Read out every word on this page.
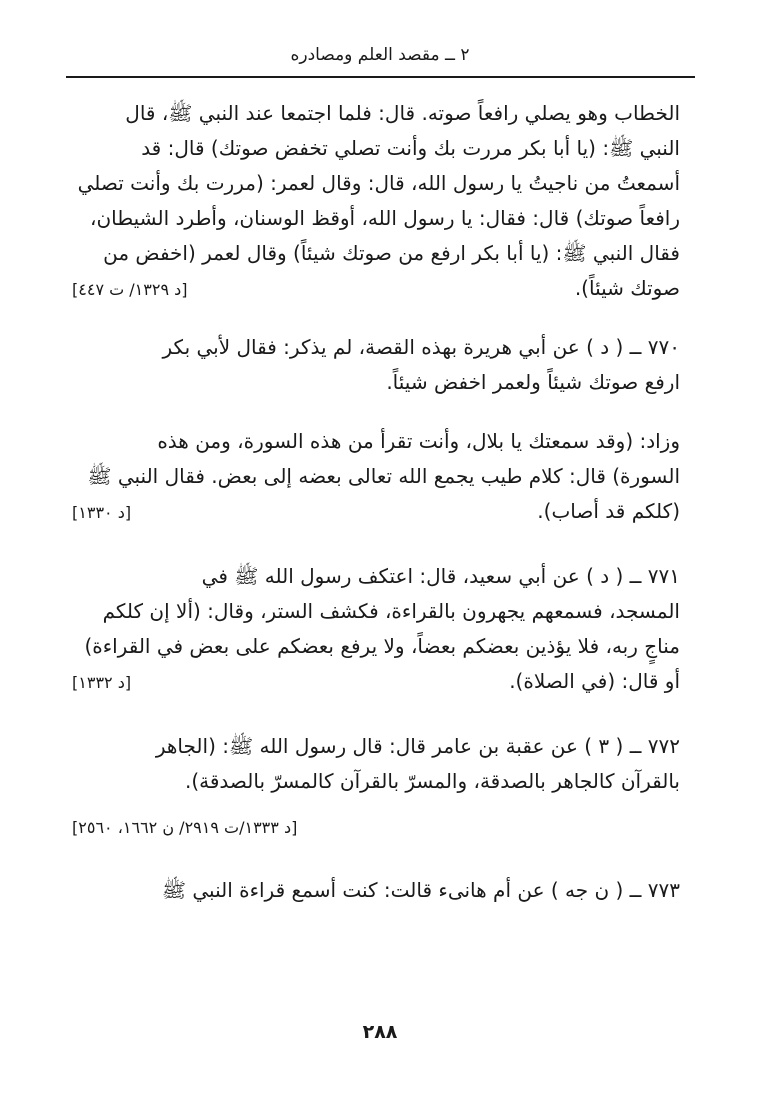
٢ ــ مقصد العلم ومصادره
الخطاب وهو يصلي رافعاً صوته. قال: فلما اجتمعا عند النبي ﷺ، قال
النبي ﷺ: (يا أبا بكر مررت بك وأنت تصلي تخفض صوتك) قال: قد
أسمعتُ من ناجيتُ يا رسول الله، قال: وقال لعمر: (مررت بك وأنت تصلي
رافعاً صوتك) قال: فقال: يا رسول الله، أوقظ الوسنان، وأطرد الشيطان،
فقال النبي ﷺ: (يا أبا بكر ارفع من صوتك شيئاً) وقال لعمر (اخفض من
صوتك شيئاً).
[د ١٣٢٩/ ت ٤٤٧]
٧٧٠ ــ ( د ) عن أبي هريرة بهذه القصة، لم يذكر: فقال لأبي بكر
ارفع صوتك شيئاً ولعمر اخفض شيئاً.
وزاد: (وقد سمعتك يا بلال، وأنت تقرأ من هذه السورة، ومن هذه
السورة) قال: كلام طيب يجمع الله تعالى بعضه إلى بعض. فقال النبي ﷺ
(كلكم قد أصاب).
[د ١٣٣٠]
٧٧١ ــ ( د ) عن أبي سعيد، قال: اعتكف رسول الله ﷺ في
المسجد، فسمعهم يجهرون بالقراءة، فكشف الستر، وقال: (ألا إن كلكم
مناجٍ ربه، فلا يؤذين بعضكم بعضاً، ولا يرفع بعضكم على بعض في القراءة)
أو قال: (في الصلاة).
[د ١٣٣٢]
٧٧٢ ــ ( ٣ ) عن عقبة بن عامر قال: قال رسول الله ﷺ: (الجاهر
بالقرآن كالجاهر بالصدقة، والمسرّ بالقرآن كالمسرّ بالصدقة).
[د ١٣٣٣/ت ٢٩١٩/ ن ١٦٦٢، ٢٥٦٠]
٧٧٣ ــ ( ن جه ) عن أم هانىء قالت: كنت أسمع قراءة النبي ﷺ
٢٨٨
